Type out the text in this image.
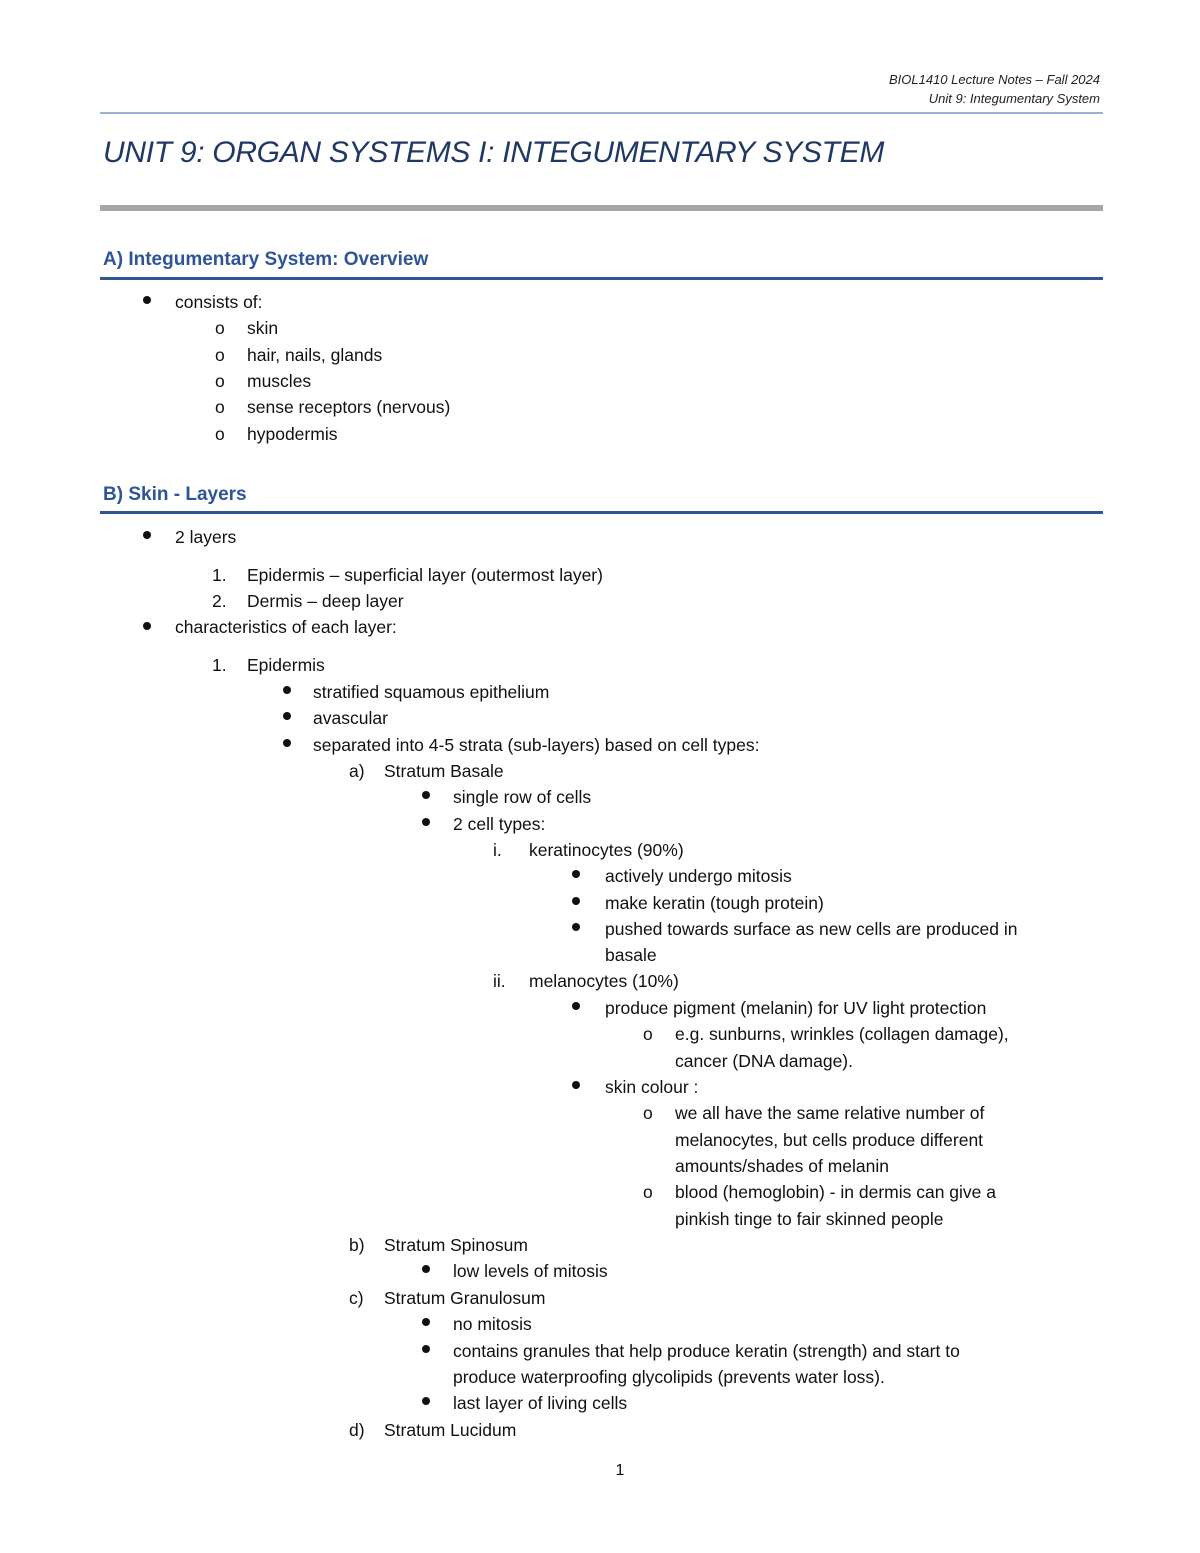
BIOL1410 Lecture Notes – Fall 2024
Unit 9: Integumentary System
UNIT 9: ORGAN SYSTEMS I: INTEGUMENTARY SYSTEM
A) Integumentary System: Overview
consists of:
o skin
o hair, nails, glands
o muscles
o sense receptors (nervous)
o hypodermis
B) Skin - Layers
2 layers
1. Epidermis – superficial layer (outermost layer)
2. Dermis – deep layer
characteristics of each layer:
1. Epidermis
stratified squamous epithelium
avascular
separated into 4-5 strata (sub-layers) based on cell types:
a) Stratum Basale
single row of cells
2 cell types:
i. keratinocytes (90%)
actively undergo mitosis
make keratin (tough protein)
pushed towards surface as new cells are produced in
basale
ii. melanocytes (10%)
produce pigment (melanin) for UV light protection
o e.g. sunburns, wrinkles (collagen damage),
cancer (DNA damage).
skin colour :
o we all have the same relative number of
melanocytes, but cells produce different
amounts/shades of melanin
o blood (hemoglobin) - in dermis can give a
pinkish tinge to fair skinned people
b) Stratum Spinosum
low levels of mitosis
c) Stratum Granulosum
no mitosis
contains granules that help produce keratin (strength) and start to
produce waterproofing glycolipids (prevents water loss).
last layer of living cells
d) Stratum Lucidum
1
